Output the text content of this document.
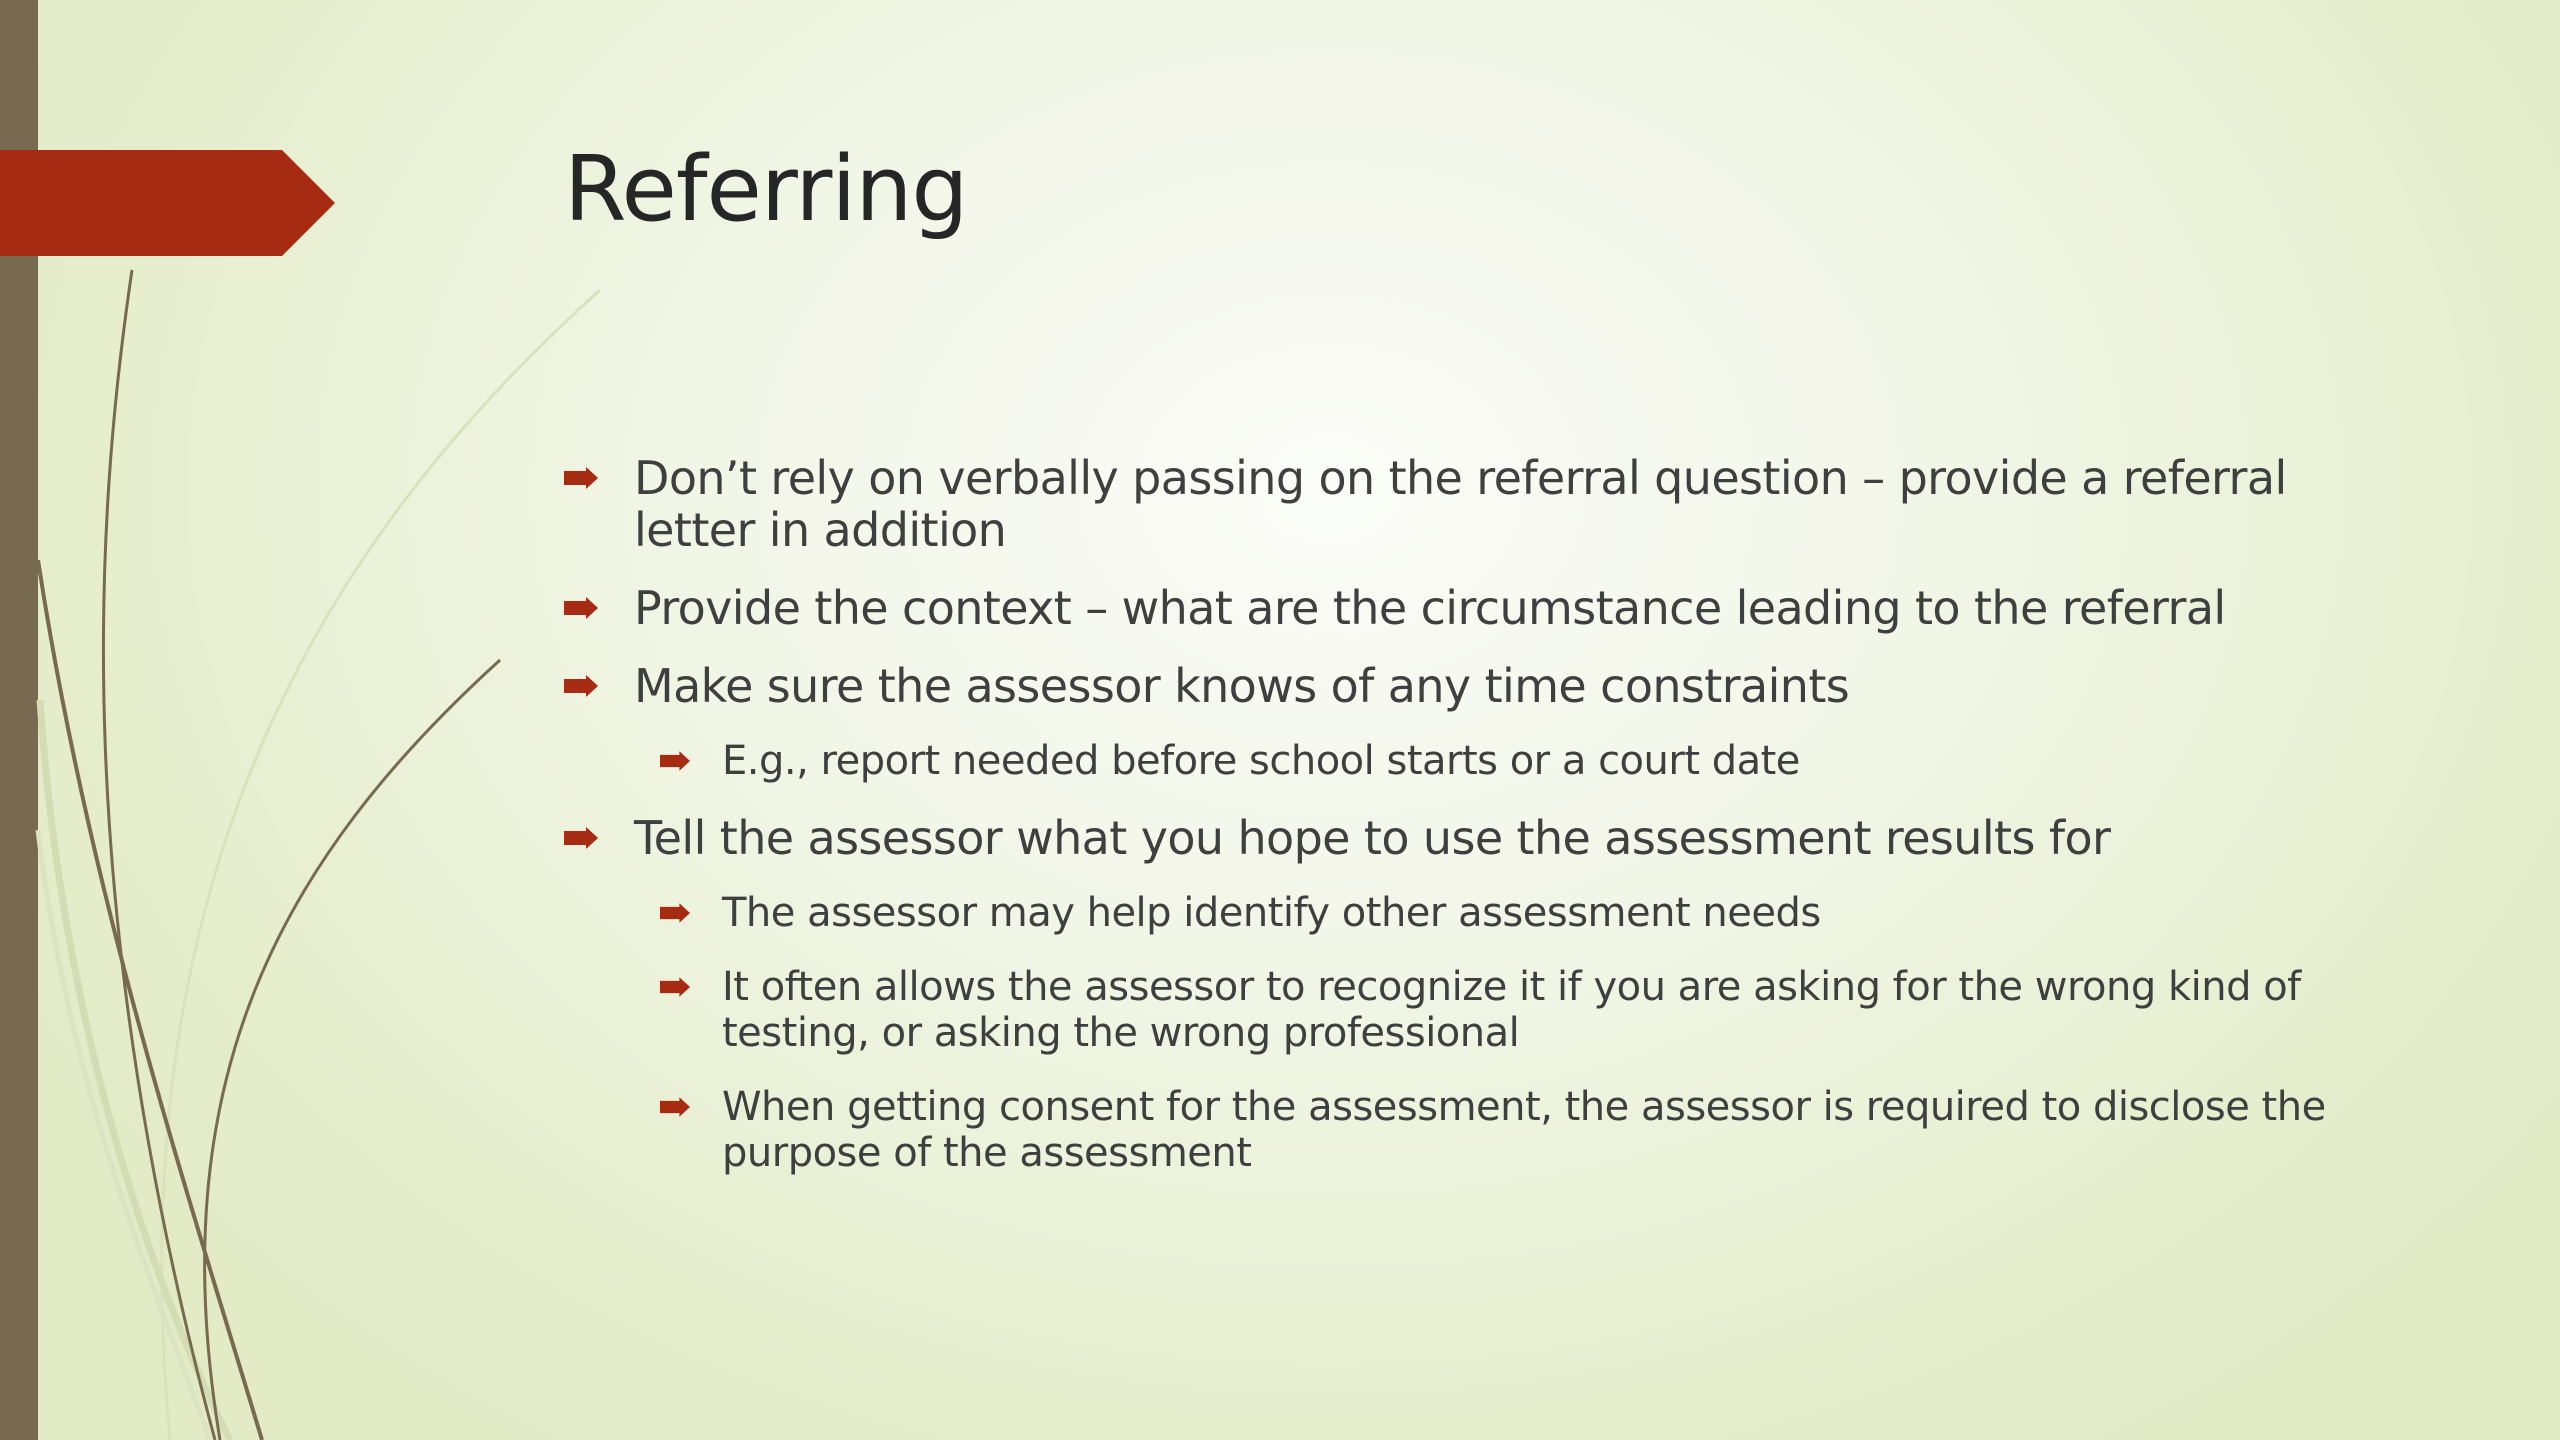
Referring
Don’t rely on verbally passing on the referral question – provide a referral letter in addition
Provide the context – what are the circumstance leading to the referral
Make sure the assessor knows of any time constraints
E.g., report needed before school starts or a court date
Tell the assessor what you hope to use the assessment results for
The assessor may help identify other assessment needs
It often allows the assessor to recognize it if you are asking for the wrong kind of testing, or asking the wrong professional
When getting consent for the assessment, the assessor is required to disclose the purpose of the assessment
